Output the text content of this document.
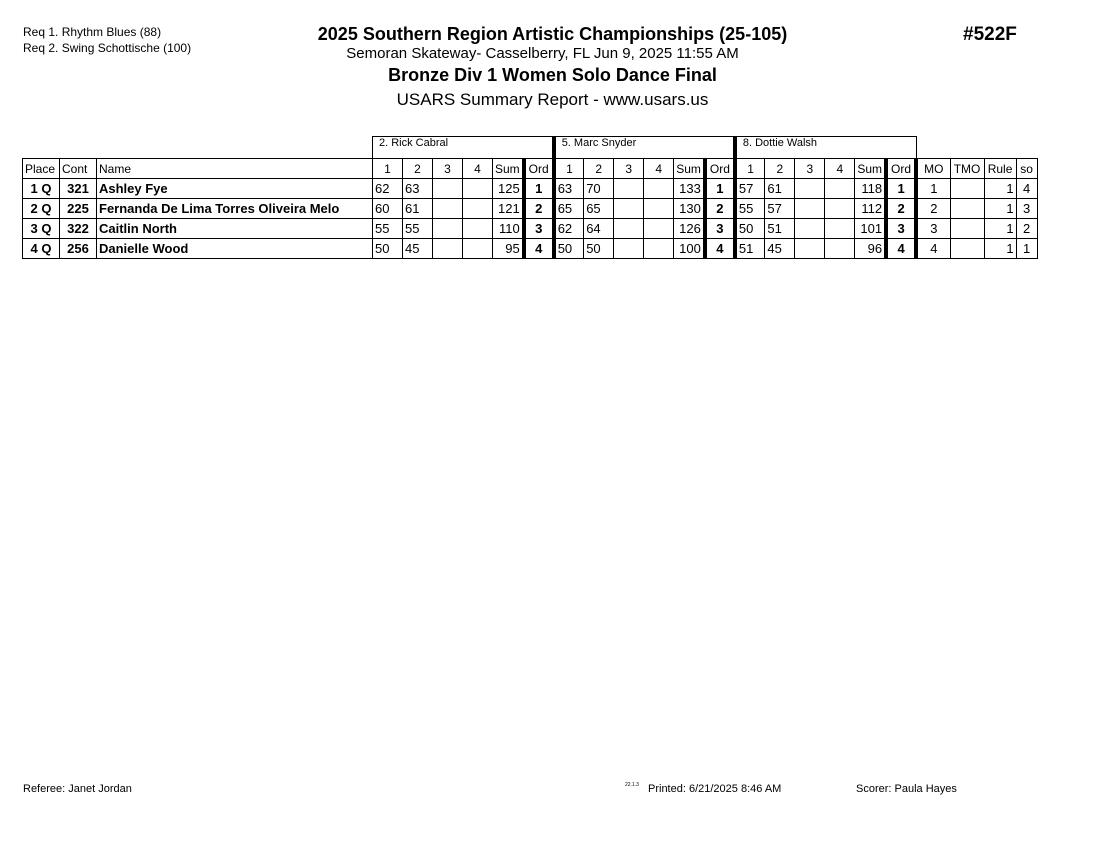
Req 1. Rhythm Blues (88)
Req 2. Swing Schottische (100)
2025 Southern Region Artistic Championships (25-105)
Semoran Skateway- Casselberry, FL Jun 9, 2025 11:55 AM
Bronze Div 1 Women Solo Dance Final
USARS Summary Report - www.usars.us
#522F
			2. Rick Cabral						5. Marc Snyder						8. Dottie Walsh									
Place	Cont	Name	1	2	3	4	Sum	Ord	1	2	3	4	Sum	Ord	1	2	3	4	Sum	Ord	MO	TMO	Rule	so
1 Q	321	Ashley Fye	62	63			125	1	63	70			133	1	57	61			118	1	1		1	4
2 Q	225	Fernanda De Lima Torres Oliveira Melo	60	61			121	2	65	65			130	2	55	57			112	2	2		1	3
3 Q	322	Caitlin North	55	55			110	3	62	64			126	3	50	51			101	3	3		1	2
4 Q	256	Danielle Wood	50	45			95	4	50	50			100	4	51	45			96	4	4		1	1
Referee: Janet Jordan	22.1.3 Printed: 6/21/2025 8:46 AM	Scorer: Paula Hayes
